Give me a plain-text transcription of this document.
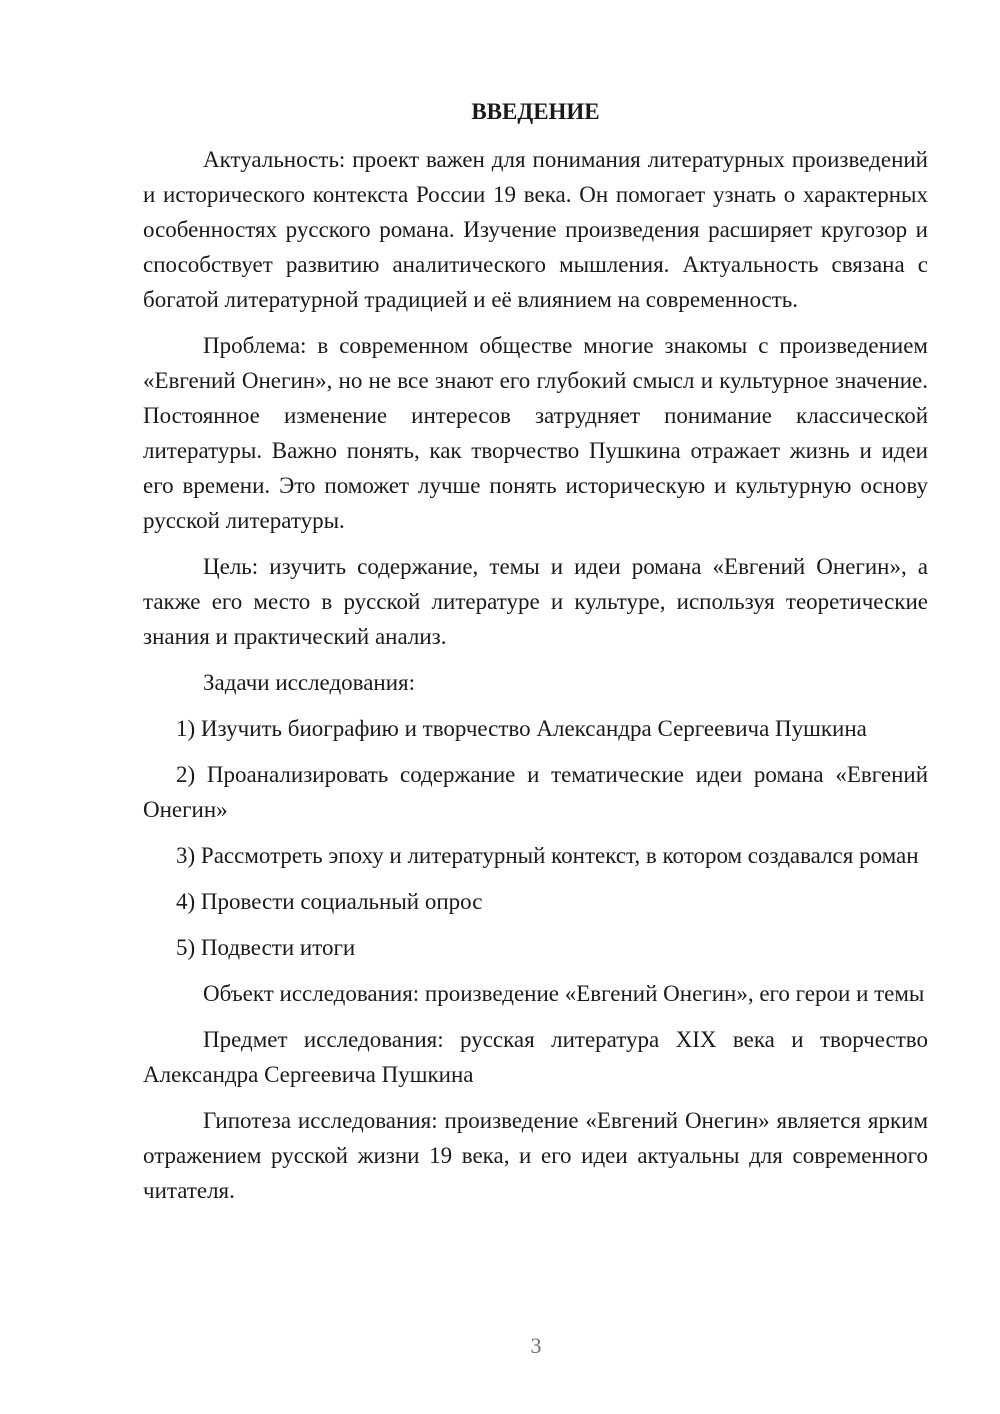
ВВЕДЕНИЕ

Актуальность: проект важен для понимания литературных произведений и исторического контекста России 19 века. Он помогает узнать о характерных особенностях русского романа. Изучение произведения расширяет кругозор и способствует развитию аналитического мышления. Актуальность связана с богатой литературной традицией и её влиянием на современность.

Проблема: в современном обществе многие знакомы с произведением «Евгений Онегин», но не все знают его глубокий смысл и культурное значение. Постоянное изменение интересов затрудняет понимание классической литературы. Важно понять, как творчество Пушкина отражает жизнь и идеи его времени. Это поможет лучше понять историческую и культурную основу русской литературы.

Цель: изучить содержание, темы и идеи романа «Евгений Онегин», а также его место в русской литературе и культуре, используя теоретические знания и практический анализ.

Задачи исследования:

1) Изучить биографию и творчество Александра Сергеевича Пушкина

2) Проанализировать содержание и тематические идеи романа «Евгений Онегин»

3) Рассмотреть эпоху и литературный контекст, в котором создавался роман

4) Провести социальный опрос

5) Подвести итоги

Объект исследования: произведение «Евгений Онегин», его герои и темы

Предмет исследования: русская литература XIX века и творчество Александра Сергеевича Пушкина

Гипотеза исследования: произведение «Евгений Онегин» является ярким отражением русской жизни 19 века, и его идеи актуальны для современного читателя.

3
